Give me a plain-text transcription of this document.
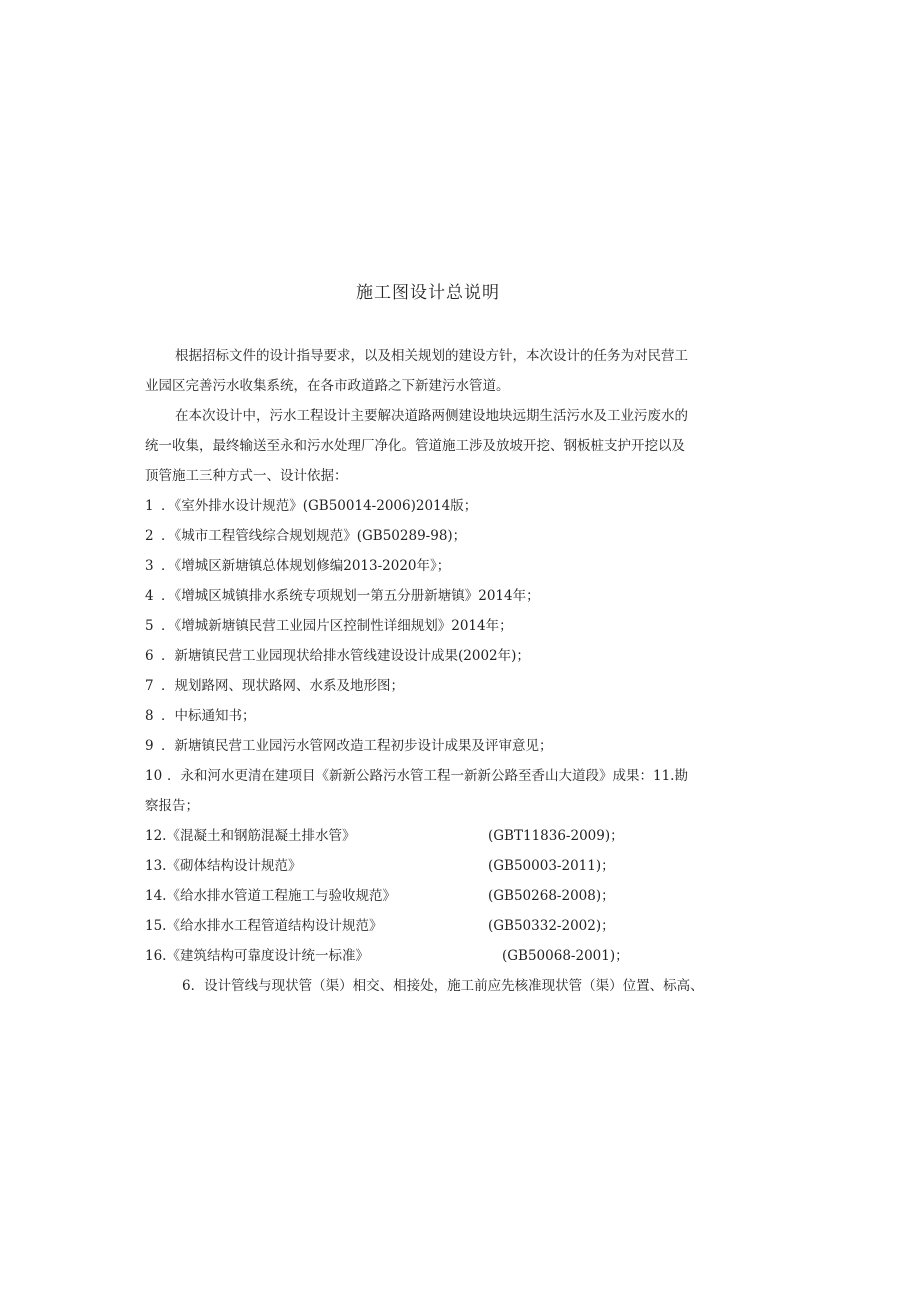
施工图设计总说明
根据招标文件的设计指导要求，以及相关规划的建设方针，本次设计的任务为对民营工
业园区完善污水收集系统，在各市政道路之下新建污水管道。
在本次设计中，污水工程设计主要解决道路两侧建设地块远期生活污水及工业污废水的
统一收集，最终输送至永和污水处理厂净化。管道施工涉及放坡开挖、钢板桩支护开挖以及
顶管施工三种方式一、设计依据：
1 ．《室外排水设计规范》(GB50014-2006)2014版；
2 ．《城市工程管线综合规划规范》(GB50289-98)；
3 ．《增城区新塘镇总体规划修编2013-2020年》；
4 ．《增城区城镇排水系统专项规划一第五分册新塘镇》2014年；
5 ．《增城新塘镇民营工业园片区控制性详细规划》2014年；
6 ．新塘镇民营工业园现状给排水管线建设设计成果(2002年)；
7 ．规划路网、现状路网、水系及地形图；
8 ．中标通知书；
9 ．新塘镇民营工业园污水管网改造工程初步设计成果及评审意见；
10 ．永和河水更清在建项目《新新公路污水管工程一新新公路至香山大道段》成果：11.勘
察报告；
12.《混凝土和钢筋混凝土排水管》	(GBT11836-2009)；
13.《砌体结构设计规范》	(GB50003-2011)；
14.《给水排水管道工程施工与验收规范》	(GB50268-2008)；
15.《给水排水工程管道结构设计规范》	(GB50332-2002)；
16.《建筑结构可靠度设计统一标准》	(GB50068-2001)；
6．设计管线与现状管（渠）相交、相接处，施工前应先核准现状管（渠）位置、标高、
